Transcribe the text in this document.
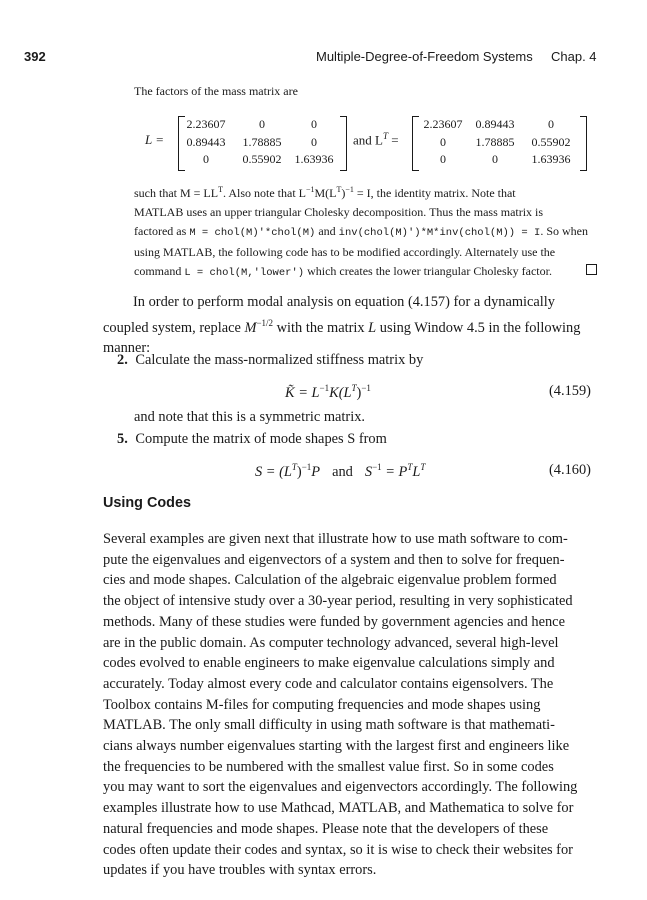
392	Multiple-Degree-of-Freedom Systems Chap. 4
The factors of the mass matrix are
L =
2.23607	0	0
0.89443	1.78885	0
0	0.55902	1.63936
and $L^T$ =
2.23607	0.89443	0
0	1.78885	0.55902
0	0	1.63936
such that $M = LL^T$. Also note that $L^{-1}M(L^T)^{-1} = I$, the identity matrix. Note that
MATLAB uses an upper triangular Cholesky decomposition. Thus the mass matrix is
factored as M = chol(M)'*chol(M) and inv(chol(M)')*M*inv(chol(M)) = I. So when
using MATLAB, the following code has to be modified accordingly. Alternately use the
command L = chol(M,'lower') which creates the lower triangular Cholesky factor.
In order to perform modal analysis on equation (4.157) for a dynamically
coupled system, replace $M^{-1/2}$ with the matrix L using Window 4.5 in the following
manner:
2. Calculate the mass-normalized stiffness matrix by
K̃ = $L^{-1}K(L^T)^{-1}$	(4.159)
and note that this is a symmetric matrix.
5. Compute the matrix of mode shapes S from
$S = (L^T)^{-1}P$ and $S^{-1} = P^TL^T$	(4.160)
Using Codes
Several examples are given next that illustrate how to use math software to com-
pute the eigenvalues and eigenvectors of a system and then to solve for frequen-
cies and mode shapes. Calculation of the algebraic eigenvalue problem formed
the object of intensive study over a 30-year period, resulting in very sophisticated
methods. Many of these studies were funded by government agencies and hence
are in the public domain. As computer technology advanced, several high-level
codes evolved to enable engineers to make eigenvalue calculations simply and
accurately. Today almost every code and calculator contains eigensolvers. The
Toolbox contains M-files for computing frequencies and mode shapes using
MATLAB. The only small difficulty in using math software is that mathemati-
cians always number eigenvalues starting with the largest first and engineers like
the frequencies to be numbered with the smallest value first. So in some codes
you may want to sort the eigenvalues and eigenvectors accordingly. The following
examples illustrate how to use Mathcad, MATLAB, and Mathematica to solve for
natural frequencies and mode shapes. Please note that the developers of these
codes often update their codes and syntax, so it is wise to check their websites for
updates if you have troubles with syntax errors.
